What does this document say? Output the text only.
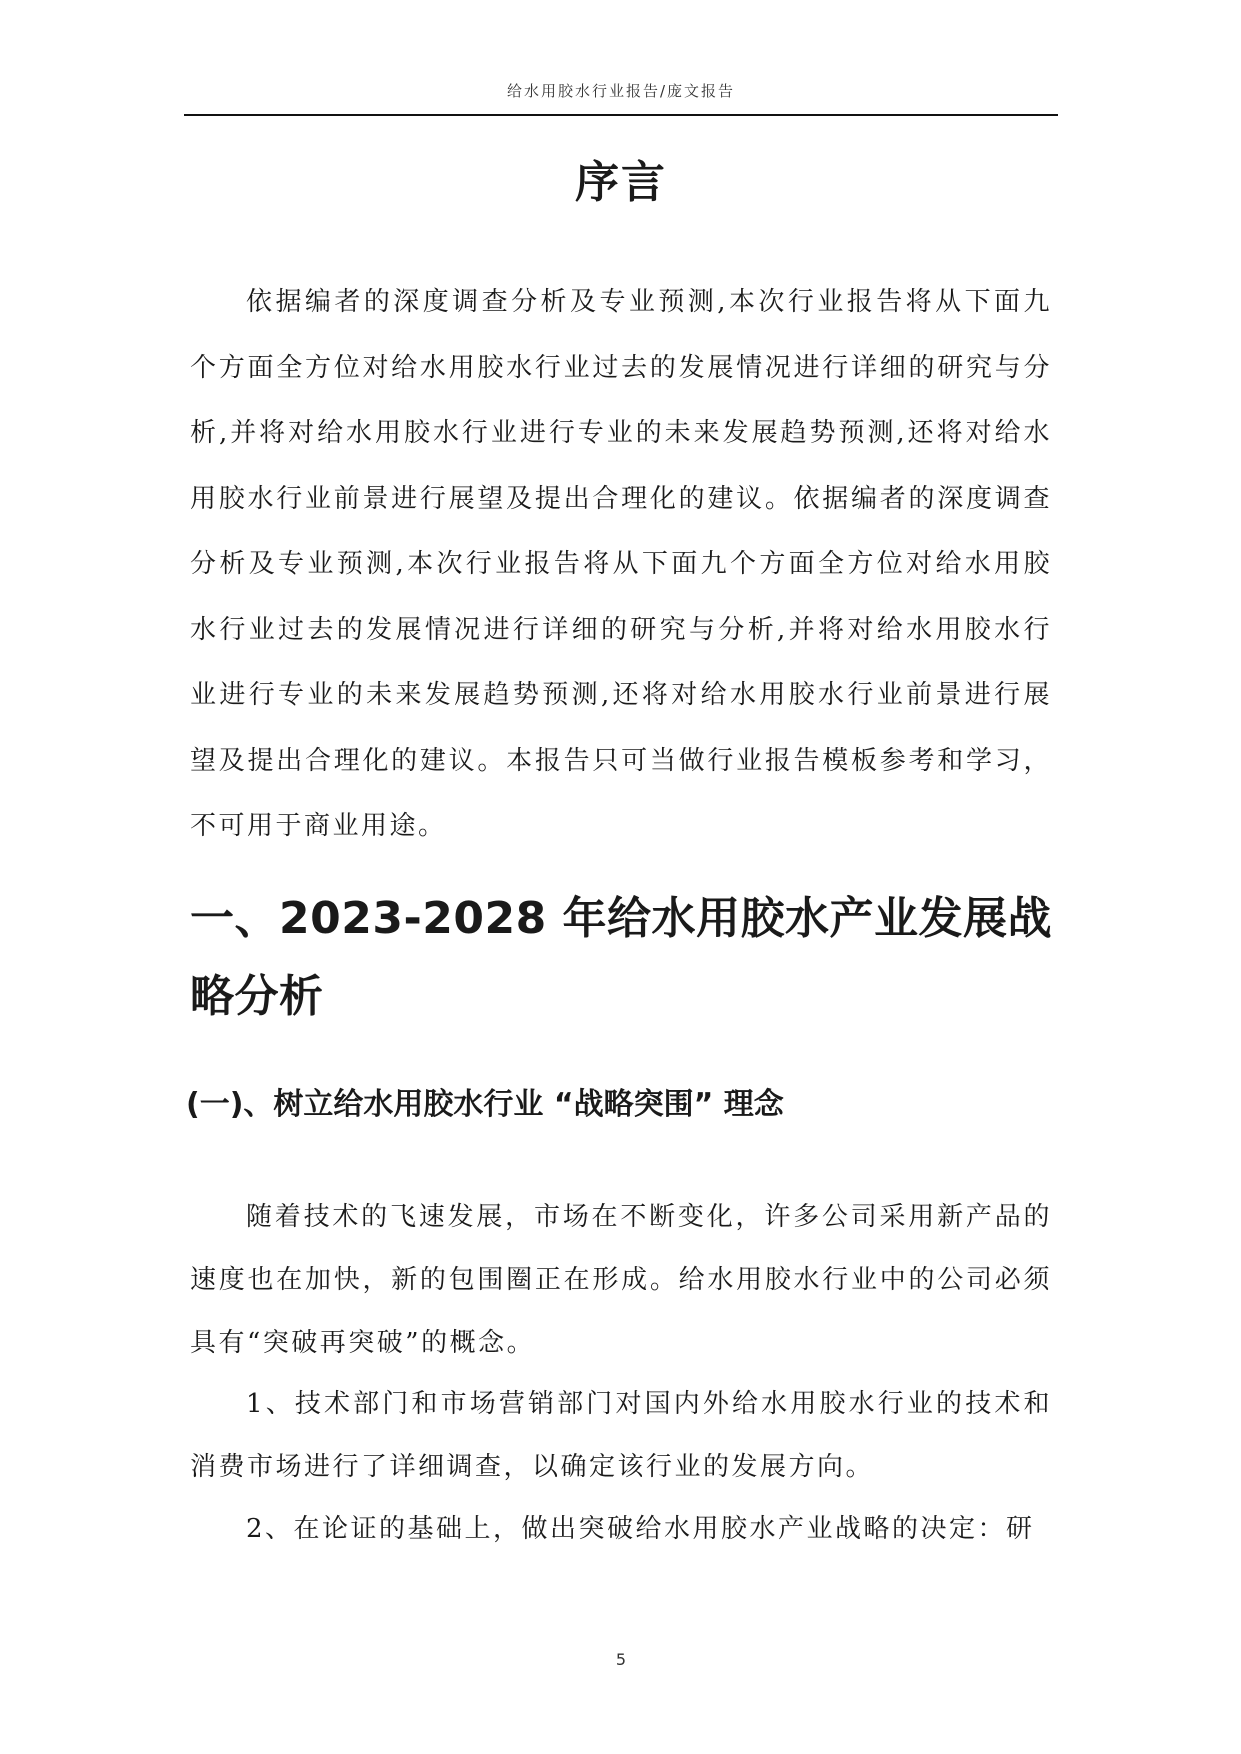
给水用胶水行业报告/庞文报告
序言

依据编者的深度调查分析及专业预测,本次行业报告将从下面九个方面全方位对给水用胶水行业过去的发展情况进行详细的研究与分析,并将对给水用胶水行业进行专业的未来发展趋势预测,还将对给水用胶水行业前景进行展望及提出合理化的建议。依据编者的深度调查分析及专业预测,本次行业报告将从下面九个方面全方位对给水用胶水行业过去的发展情况进行详细的研究与分析,并将对给水用胶水行业进行专业的未来发展趋势预测,还将对给水用胶水行业前景进行展望及提出合理化的建议。本报告只可当做行业报告模板参考和学习，不可用于商业用途。

一、2023-2028 年给水用胶水产业发展战略分析
(一)、树立给水用胶水行业 “战略突围” 理念

随着技术的飞速发展，市场在不断变化，许多公司采用新产品的速度也在加快，新的包围圈正在形成。给水用胶水行业中的公司必须具有“突破再突破”的概念。

1、技术部门和市场营销部门对国内外给水用胶水行业的技术和消费市场进行了详细调查，以确定该行业的发展方向。

2、在论证的基础上，做出突破给水用胶水产业战略的决定：研

5
